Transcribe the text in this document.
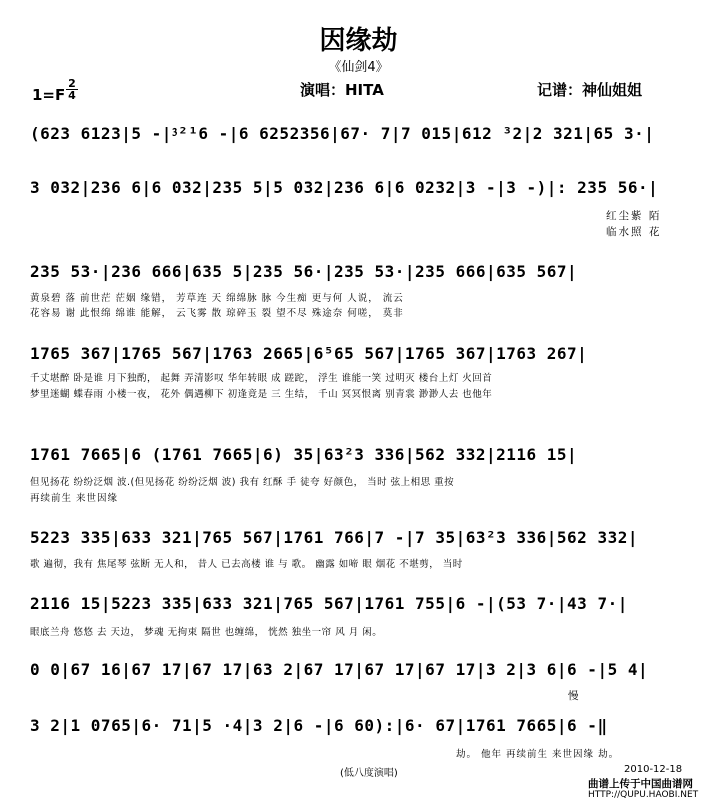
因缘劫
《仙剑4》
1=F
2
4	演唱：HITA	记谱：神仙姐姐
(623 6123|5 -|⁳²¹6 -|6 6252356|67· 7|7 015|612 ³2|2 321|65 3·|
3 032|236 6|6 032|235 5|5 032|236 6|6 0232|3 -|3 -)|: 235 56·|
红尘紫 陌
临水照 花
235 53·|236 666|635 5|235 56·|235 53·|235 666|635 567|
黄泉碧 落 前世茫 茫姻 缘错， 芳草连 天 绵绵脉 脉 今生痴 更与何 人说， 流云
花容易 谢 此恨绵 绵谁 能解， 云飞雾 散 琼碎玉 裂 望不尽 殊途奈 何嗟， 莫非
1765 367|1765 567|1763 2665|6⁵65 567|1765 367|1763 267|
千丈堪醉 卧是谁 月下独酌， 起舞 弄清影叹 华年转眼 成 蹉跎， 浮生 谁能一笑 过明灭 楼台上灯 火回首
梦里迷蝴 蝶春雨 小楼一夜， 花外 偶遇柳下 初逢竟是 三 生结， 千山 冥冥恨离 别青裳 渺渺人去 也他年
1761 7665|6 (1761 7665|6) 35|63²3 336|562 332|2116 15|
但见扬花 纷纷泛烟 波.(但见扬花 纷纷泛烟 波) 我有 红酥 手 徒夸 好颜色， 当时 弦上相思 重按
再续前生 来世因缘
5223 335|633 321|765 567|1761 766|7 -|7 35|63²3 336|562 332|
歌 遍彻，我有 焦尾琴 弦断 无人和， 昔人 已去高楼 谁 与 歌。 幽露 如啼 眼 烟花 不堪剪， 当时
2116 15|5223 335|633 321|765 567|1761 755|6 -|(53 7·|43 7·|
眼底兰舟 悠悠 去 天边， 梦魂 无拘束 隔世 也缠绵， 恍然 独坐一帘 风 月 闲。
0 0|67 16|67 17|67 17|63 2|67 17|67 17|67 17|3 2|3 6|6 -|5 4|
慢
3 2|1 0765|6· 71|5 ·4|3 2|6 -|6 60):|6· 67|1761 7665|6 -‖
劫。 他年 再续前生 来世因缘 劫。
(低八度演唱)	2010-12-18
曲谱上传于中国曲谱网
HTTP://QUPU.HAOBI.NET
